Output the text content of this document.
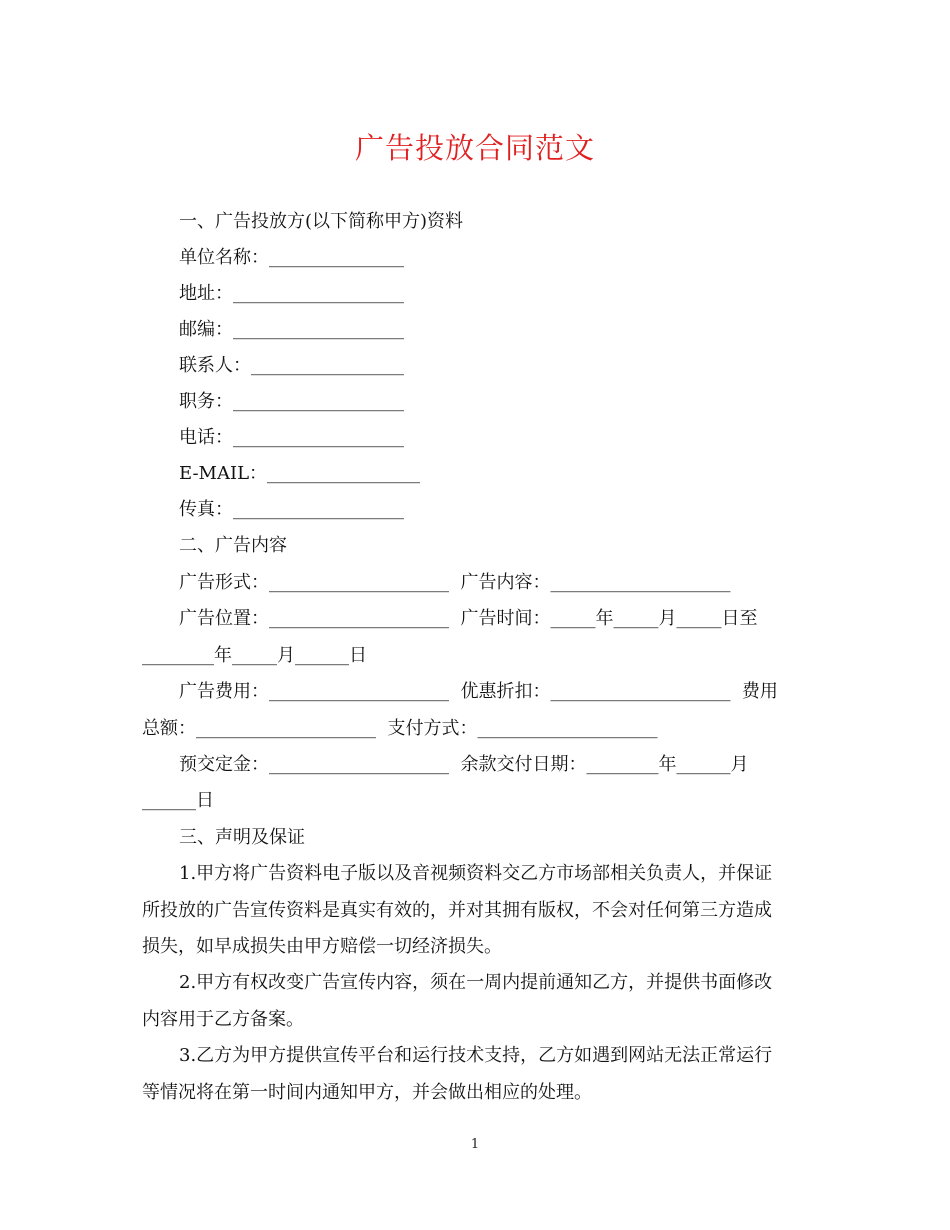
广告投放合同范文
一、广告投放方(以下简称甲方)资料
单位名称：_______________
地址：___________________
邮编：___________________
联系人：_________________
职务：___________________
电话：___________________
E-MAIL：_________________
传真：___________________
二、广告内容
广告形式：____________________  广告内容：____________________
广告位置：____________________  广告时间：_____年_____月_____日至
________年_____月______日
广告费用：____________________  优惠折扣：____________________  费用
总额：____________________  支付方式：____________________
预交定金：____________________  余款交付日期：________年______月
______日
三、声明及保证
1.甲方将广告资料电子版以及音视频资料交乙方市场部相关负责人，并保证
所投放的广告宣传资料是真实有效的，并对其拥有版权，不会对任何第三方造成
损失，如早成损失由甲方赔偿一切经济损失。
2.甲方有权改变广告宣传内容，须在一周内提前通知乙方，并提供书面修改
内容用于乙方备案。
3.乙方为甲方提供宣传平台和运行技术支持，乙方如遇到网站无法正常运行
等情况将在第一时间内通知甲方，并会做出相应的处理。
1
